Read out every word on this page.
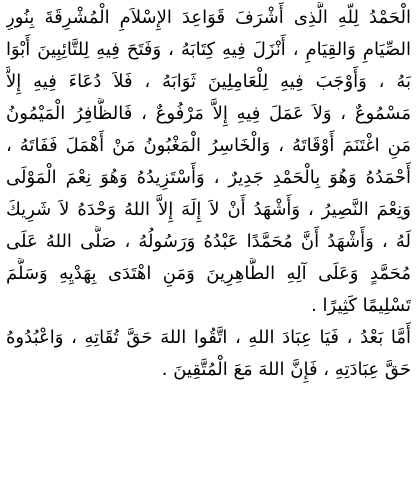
الْحَمْدُ لِلّهِ الَّذِى أَشْرَفَ قَوَاعِدَ الإِسْلاَمِ الْمُشْرِقَةَ بِنُورِ
الصِّيَامِ وَالقِيَامِ ، أَنْزَلَ فِيهِ كِتَابَهُ ، وَفَتَحَ فِيهِ لِلتَّائِبِينَ أَبْوَا
بَهُ ، وَأَوْجَبَ فِيهِ لِلْعَامِلِينَ ثَوَابَهُ ، فَلاَ دُعَاءَ فِيهِ إِلاَّ
مَسْمُوعٌ ، وَلاَ عَمَلَ فِيهِ إِلاَّ مَرْفُوعٌ ، فَالظَّافِرُ الْمَيْمُونُ
مَنِ اغْتَنَمَ أَوْقَاتَهُ ، وَالْخَاسِرُ الْمَغْبُونُ مَنْ أَهْمَلَ فَفَاتَهُ ،
أَحْمَدُهُ وَهُوَ بِالْحَمْدِ جَدِيرٌ ، وَأَسْتَزِيدُهُ وَهُوَ نِعْمَ الْمَوْلَى
وَنِعْمَ النَّصِيرُ ، وَأَشْهَدُ أَنْ لاَ إِلَهَ إِلاَّ اللهُ وَحْدَهُ لاَ شَرِيكَ
لَهُ ، وَأَشْهَدُ أَنَّ مُحَمَّدًا عَبْدُهُ وَرَسُولُهُ ، صَلَّى اللهُ عَلَى
مُحَمَّدٍ وَعَلَى آلِهِ الطَّاهِرِينَ وَمَنِ اهْتَدَى بِهَدْيِهِ وَسَلَّمَ
تَسْلِيمًا كَثِيرًا .
أَمَّا بَعْدُ ، فَيَا عِبَادَ اللهِ ، اتَّقُوا اللهَ حَقَّ تُقَاتِهِ ، وَاعْبُدُوهُ
حَقَّ عِبَادَتِهِ ، فَإِنَّ اللهَ مَعَ الْمُتَّقِينَ .
